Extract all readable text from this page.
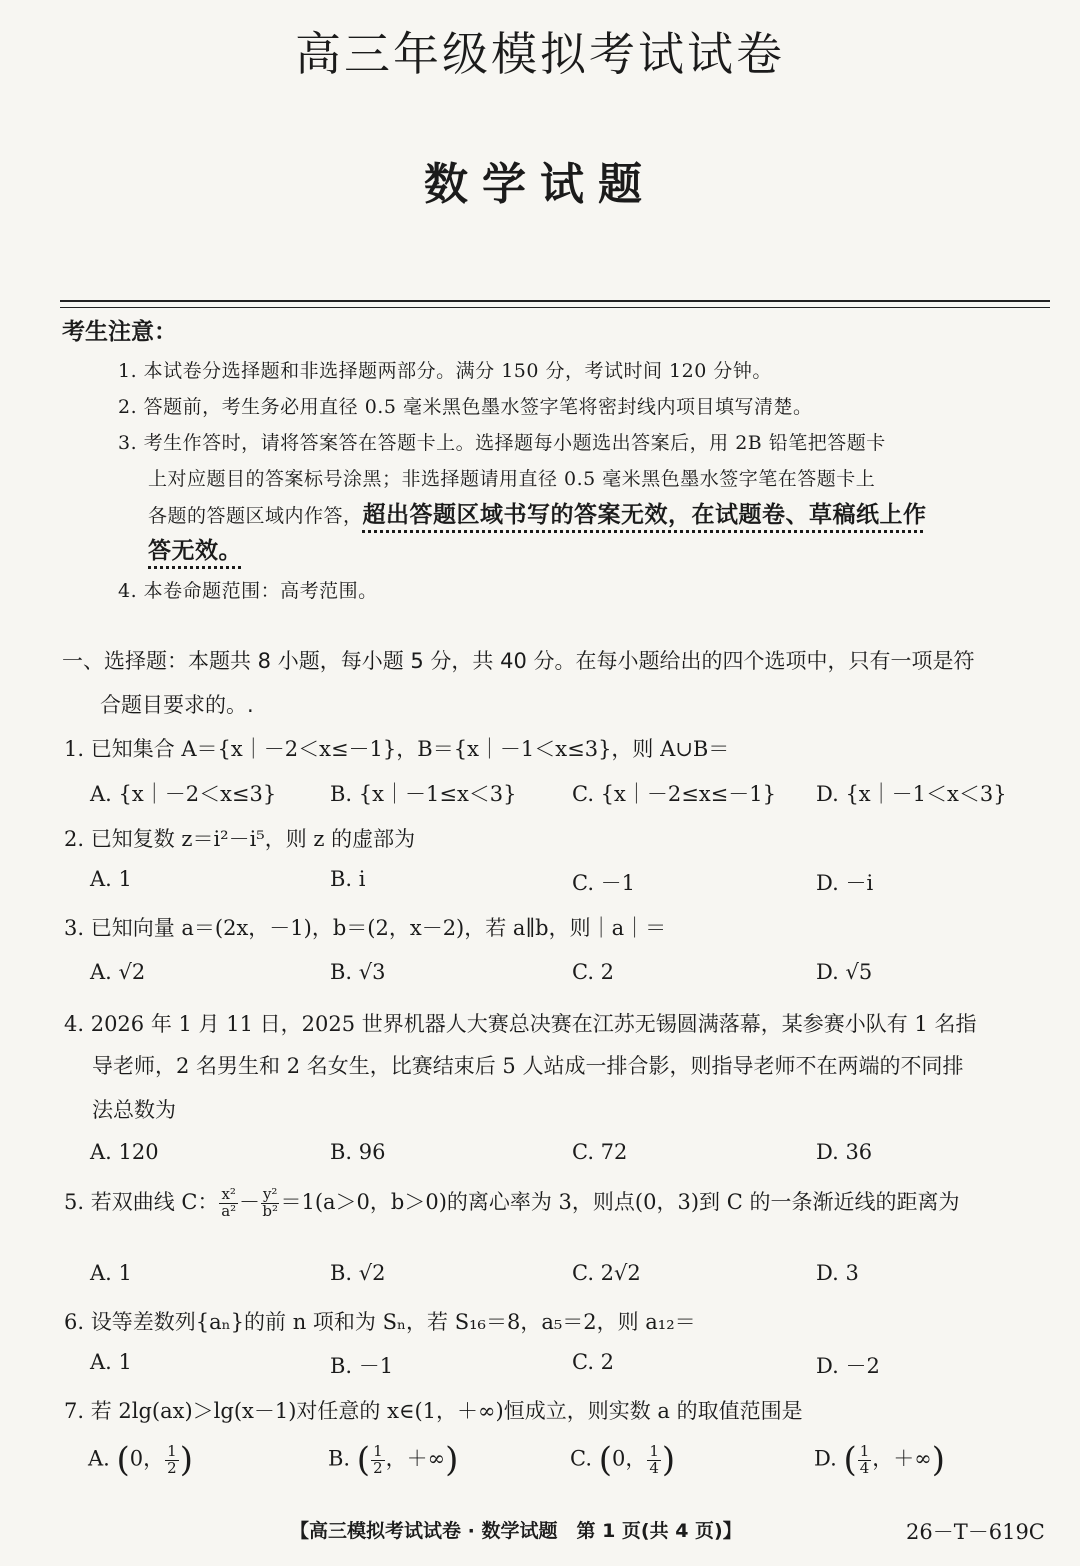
高三年级模拟考试试卷
数学试题
考生注意：
1. 本试卷分选择题和非选择题两部分。满分 150 分，考试时间 120 分钟。
2. 答题前，考生务必用直径 0.5 毫米黑色墨水签字笔将密封线内项目填写清楚。
3. 考生作答时，请将答案答在答题卡上。选择题每小题选出答案后，用 2B 铅笔把答题卡
上对应题目的答案标号涂黑；非选择题请用直径 0.5 毫米黑色墨水签字笔在答题卡上
各题的答题区域内作答，超出答题区域书写的答案无效，在试题卷、草稿纸上作
答无效。
4. 本卷命题范围：高考范围。
一、选择题：本题共 8 小题，每小题 5 分，共 40 分。在每小题给出的四个选项中，只有一项是符
合题目要求的。.
1. 已知集合 A＝{x｜－2＜x≤－1}，B＝{x｜－1＜x≤3}，则 A∪B＝
A. {x｜－2＜x≤3}	B. {x｜－1≤x＜3}	C. {x｜－2≤x≤－1} D. {x｜－1＜x＜3}
2. 已知复数 z＝i²－i⁵，则 z 的虚部为
A. 1	B. i	C. －1	D. －i
3. 已知向量 a＝(2x，－1)，b＝(2，x－2)，若 a∥b，则｜a｜＝
A. √2	B. √3	C. 2	D. √5
4. 2026 年 1 月 11 日，2025 世界机器人大赛总决赛在江苏无锡圆满落幕，某参赛小队有 1 名指
导老师，2 名男生和 2 名女生，比赛结束后 5 人站成一排合影，则指导老师不在两端的不同排
法总数为
A. 120	B. 96	C. 72	D. 36
5. 若双曲线 C： $\frac{\text{x²}}{\text{a²}} - \frac{\text{y²}}{\text{b²}} =1(a>0$，b＞0)的离心率为 3，则点(0，3)到 C 的一条渐近线的距离为
A. 1	B. √2	C. 2√2	D. 3
6. 设等差数列{aₙ}的前 n 项和为 Sₙ，若 S₁₆＝8，a₅＝2，则 a₁₂＝
A. 1	B. －1	C. 2	D. －2
7. 若 2lg(ax)＞lg(x－1)对任意的 x∈(1，＋∞)恒成立，则实数 a 的取值范围是
A. (0， $\frac{1}{2}$ )	B. ( $\frac{1}{2}$ ，＋∞)	C. (0， $\frac{1}{4}$ )	D. ( $\frac{1}{4}$ ，＋∞)
【高三模拟考试试卷 · 数学试题　第 1 页(共 4 页)】	26－T－619C
